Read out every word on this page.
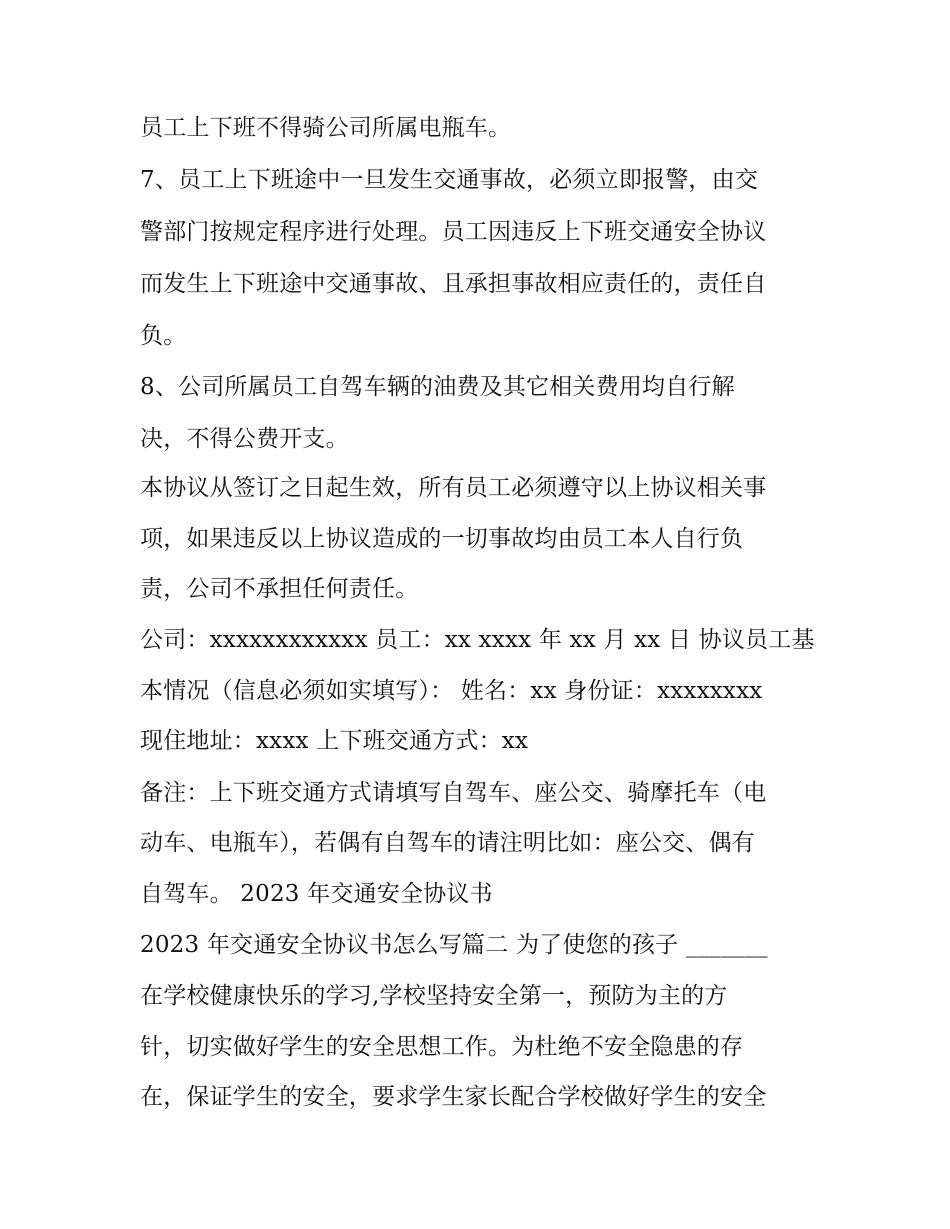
员工上下班不得骑公司所属电瓶车。
7、员工上下班途中一旦发生交通事故，必须立即报警，由交
警部门按规定程序进行处理。员工因违反上下班交通安全协议
而发生上下班途中交通事故、且承担事故相应责任的，责任自
负。
8、公司所属员工自驾车辆的油费及其它相关费用均自行解
决，不得公费开支。
本协议从签订之日起生效，所有员工必须遵守以上协议相关事
项，如果违反以上协议造成的一切事故均由员工本人自行负
责，公司不承担任何责任。
公司：xxxxxxxxxxxx 员工：xx xxxx 年 xx 月 xx 日 协议员工基
本情况（信息必须如实填写）： 姓名：xx 身份证：xxxxxxxx
现住地址：xxxx 上下班交通方式：xx
备注：上下班交通方式请填写自驾车、座公交、骑摩托车（电
动车、电瓶车），若偶有自驾车的请注明比如：座公交、偶有
自驾车。 2023 年交通安全协议书
2023 年交通安全协议书怎么写篇二 为了使您的孩子 _______
在学校健康快乐的学习,学校坚持安全第一，预防为主的方
针，切实做好学生的安全思想工作。为杜绝不安全隐患的存
在，保证学生的安全，要求学生家长配合学校做好学生的安全
